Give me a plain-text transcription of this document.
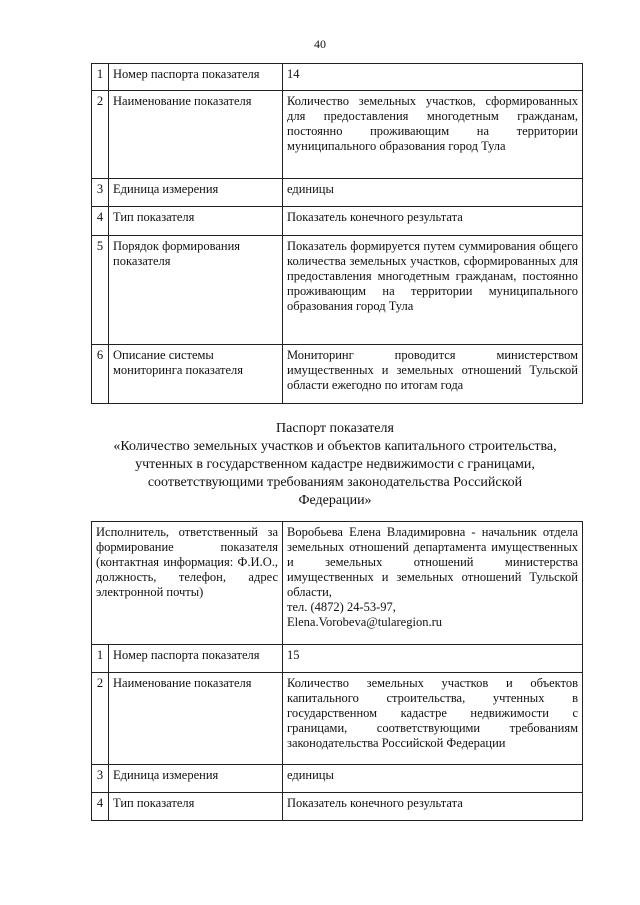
40
1	Номер паспорта показателя	14
2	Наименование показателя	Количество земельных участков, сформированных для предоставления многодетным гражданам, постоянно проживающим на территории муниципального образования город Тула
3	Единица измерения	единицы
4	Тип показателя	Показатель конечного результата
5	Порядок формирования показателя	Показатель формируется путем суммирования общего количества земельных участков, сформированных для предоставления многодетным гражданам, постоянно проживающим на территории муниципального образования город Тула
6	Описание системы мониторинга показателя	Мониторинг проводится министерством имущественных и земельных отношений Тульской области ежегодно по итогам года
Паспорт показателя
«Количество земельных участков и объектов капитального строительства, учтенных в государственном кадастре недвижимости с границами, соответствующими требованиям законодательства Российской Федерации»
Исполнитель, ответственный за формирование показателя (контактная информация: Ф.И.О., должность, телефон, адрес электронной почты)		Воробьева Елена Владимировна - начальник отдела земельных отношений департамента имущественных и земельных отношений министерства имущественных и земельных отношений Тульской области,
тел. (4872) 24-53-97,
Elena.Vorobeva@tularegion.ru

1	Номер паспорта показателя	15
2	Наименование показателя	Количество земельных участков и объектов капитального строительства, учтенных в государственном кадастре недвижимости с границами, соответствующими требованиям законодательства Российской Федерации
3	Единица измерения	единицы
4	Тип показателя	Показатель конечного результата
